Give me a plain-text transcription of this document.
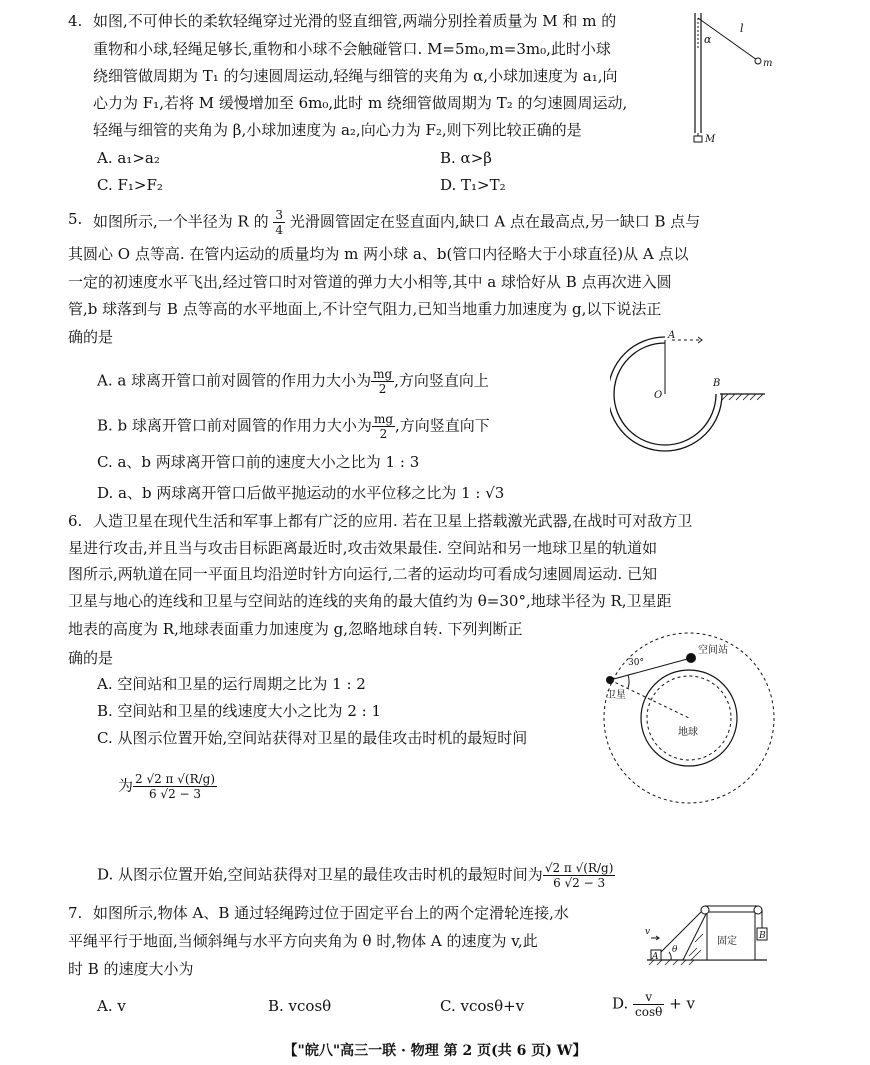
4. 如图,不可伸长的柔软轻绳穿过光滑的竖直细管,两端分别拴着质量为 M 和 m 的
重物和小球,轻绳足够长,重物和小球不会触碰管口. M=5m₀,m=3m₀,此时小球
绕细管做周期为 T₁ 的匀速圆周运动,轻绳与细管的夹角为 α,小球加速度为 a₁,向
心力为 F₁,若将 M 缓慢增加至 6m₀,此时 m 绕细管做周期为 T₂ 的匀速圆周运动,
轻绳与细管的夹角为 β,小球加速度为 a₂,向心力为 F₂,则下列比较正确的是
A. a₁>a₂	B. α>β
C. F₁>F₂	D. T₁>T₂
l
α
m
M
5. 如图所示,一个半径为 R 的 $\frac{3}{4}$ 光滑圆管固定在竖直面内,缺口 A 点在最高点,另一缺口 B 点与
其圆心 O 点等高. 在管内运动的质量均为 m 两小球 a、b(管口内径略大于小球直径)从 A 点以
一定的初速度水平飞出,经过管口时对管道的弹力大小相等,其中 a 球恰好从 B 点再次进入圆
管,b 球落到与 B 点等高的水平地面上,不计空气阻力,已知当地重力加速度为 g,以下说法正
确的是
A. a 球离开管口前对圆管的作用力大小为 $\frac{mg}{2}$ ,方向竖直向上
B. b 球离开管口前对圆管的作用力大小为 $\frac{mg}{2}$ ,方向竖直向下
C. a、b 两球离开管口前的速度大小之比为 1 : 3
D. a、b 两球离开管口后做平抛运动的水平位移之比为 1 : √3
A
B
O
6. 人造卫星在现代生活和军事上都有广泛的应用. 若在卫星上搭载激光武器,在战时可对敌方卫
星进行攻击,并且当与攻击目标距离最近时,攻击效果最佳. 空间站和另一地球卫星的轨道如
图所示,两轨道在同一平面且均沿逆时针方向运行,二者的运动均可看成匀速圆周运动. 已知
卫星与地心的连线和卫星与空间站的连线的夹角的最大值约为 θ=30°,地球半径为 R,卫星距
地表的高度为 R,地球表面重力加速度为 g,忽略地球自转. 下列判断正
确的是
A. 空间站和卫星的运行周期之比为 1 : 2
B. 空间站和卫星的线速度大小之比为 2 : 1
C. 从图示位置开始,空间站获得对卫星的最佳攻击时机的最短时间
为 $\frac{2 √2 \pi √(R/g)}{6 √2 - 3}$
D. 从图示位置开始,空间站获得对卫星的最佳攻击时机的最短时间为 $\frac{√2 \pi √(R/g)}{6 √2 - 3}$
空间站
卫星
地球
30°
7. 如图所示,物体 A、B 通过轻绳跨过位于固定平台上的两个定滑轮连接,水
平绳平行于地面,当倾斜绳与水平方向夹角为 θ 时,物体 A 的速度为 v,此
时 B 的速度大小为
A. v	B. vcosθ	C. vcosθ+v	D. $\frac{v}{\cos\theta} + v$
v
A
θ
固定 B
【"皖八"高三一联 · 物理 第 2 页(共 6 页) W】
